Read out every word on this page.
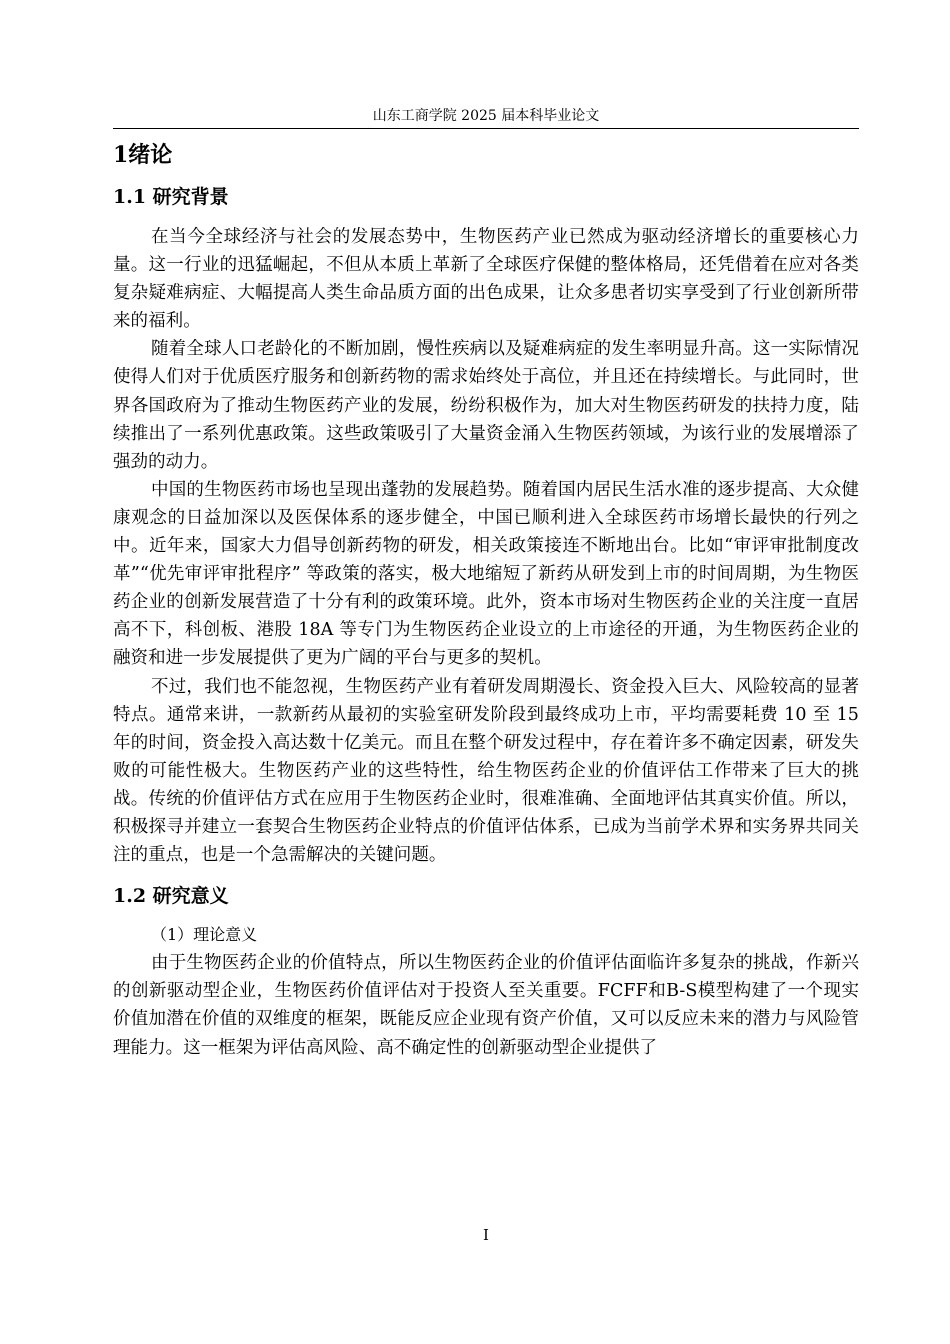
山东工商学院 2025 届本科毕业论文
1绪论
1.1 研究背景

在当今全球经济与社会的发展态势中，生物医药产业已然成为驱动经济增长的重要核心力量。这一行业的迅猛崛起，不但从本质上革新了全球医疗保健的整体格局，还凭借着在应对各类复杂疑难病症、大幅提高人类生命品质方面的出色成果，让众多患者切实享受到了行业创新所带来的福利。

随着全球人口老龄化的不断加剧，慢性疾病以及疑难病症的发生率明显升高。这一实际情况使得人们对于优质医疗服务和创新药物的需求始终处于高位，并且还在持续增长。与此同时，世界各国政府为了推动生物医药产业的发展，纷纷积极作为，加大对生物医药研发的扶持力度，陆续推出了一系列优惠政策。这些政策吸引了大量资金涌入生物医药领域，为该行业的发展增添了强劲的动力。

中国的生物医药市场也呈现出蓬勃的发展趋势。随着国内居民生活水准的逐步提高、大众健康观念的日益加深以及医保体系的逐步健全，中国已顺利进入全球医药市场增长最快的行列之中。近年来，国家大力倡导创新药物的研发，相关政策接连不断地出台。比如“审评审批制度改革”“优先审评审批程序” 等政策的落实，极大地缩短了新药从研发到上市的时间周期，为生物医药企业的创新发展营造了十分有利的政策环境。此外，资本市场对生物医药企业的关注度一直居高不下，科创板、港股 18A 等专门为生物医药企业设立的上市途径的开通，为生物医药企业的融资和进一步发展提供了更为广阔的平台与更多的契机。

不过，我们也不能忽视，生物医药产业有着研发周期漫长、资金投入巨大、风险较高的显著特点。通常来讲，一款新药从最初的实验室研发阶段到最终成功上市，平均需要耗费 10 至 15 年的时间，资金投入高达数十亿美元。而且在整个研发过程中，存在着许多不确定因素，研发失败的可能性极大。生物医药产业的这些特性，给生物医药企业的价值评估工作带来了巨大的挑战。传统的价值评估方式在应用于生物医药企业时，很难准确、全面地评估其真实价值。所以，积极探寻并建立一套契合生物医药企业特点的价值评估体系，已成为当前学术界和实务界共同关注的重点，也是一个急需解决的关键问题。

1.2 研究意义

（1）理论意义

由于生物医药企业的价值特点，所以生物医药企业的价值评估面临许多复杂的挑战，作新兴的创新驱动型企业，生物医药价值评估对于投资人至关重要。FCFF和B-S模型构建了一个现实价值加潜在价值的双维度的框架，既能反应企业现有资产价值，又可以反应未来的潜力与风险管理能力。这一框架为评估高风险、高不确定性的创新驱动型企业提供了

I
